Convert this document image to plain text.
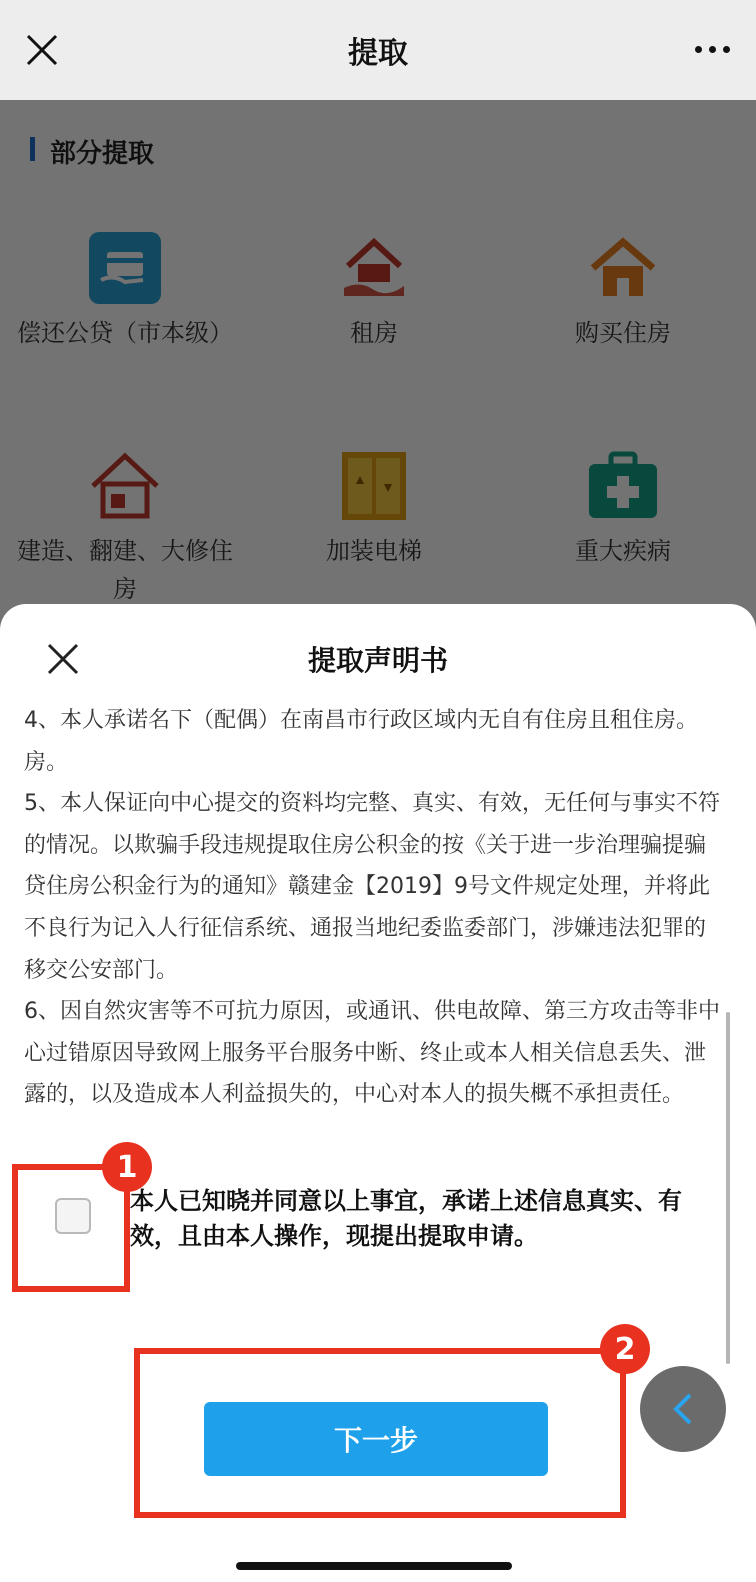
提取
提取声明书

4、本人承诺名下（配偶）在南昌市行政区域内无自有住房且租住房。

房。

5、本人保证向中心提交的资料均完整、真实、有效，无任何与事实不符的情况。以欺骗手段违规提取住房公积金的按《关于进一步治理骗提骗贷住房公积金行为的通知》赣建金【2019】9号文件规定处理，并将此不良行为记入人行征信系统、通报当地纪委监委部门，涉嫌违法犯罪的移交公安部门。

6、因自然灾害等不可抗力原因，或通讯、供电故障、第三方攻击等非中心过错原因导致网上服务平台服务中断、终止或本人相关信息丢失、泄露的，以及造成本人利益损失的，中心对本人的损失概不承担责任。

本人已知晓并同意以上事宜，承诺上述信息真实、有效，且由本人操作，现提出提取申请。
下一步
1
2
